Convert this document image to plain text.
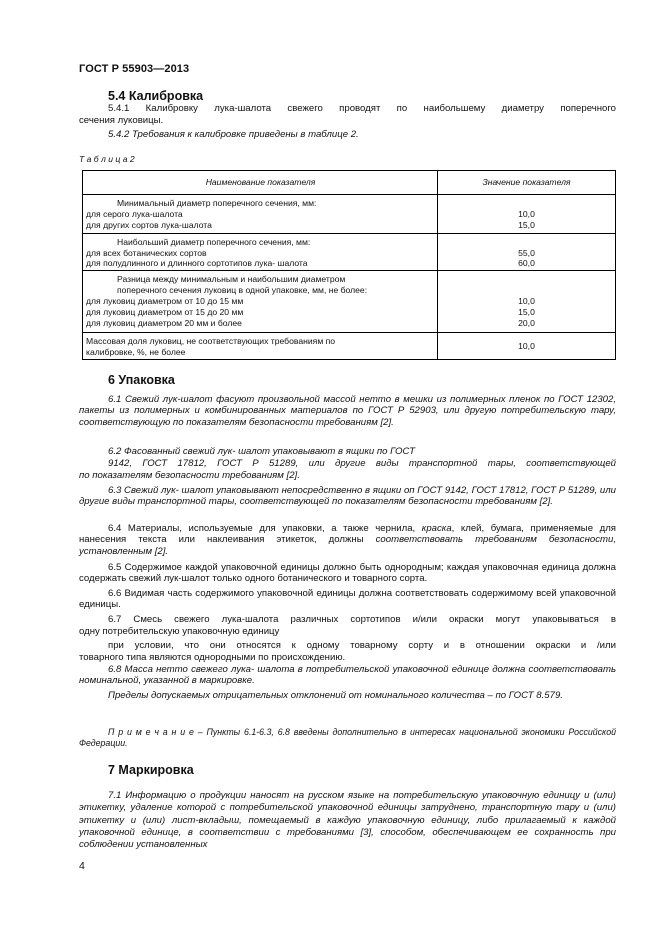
ГОСТ Р 55903—2013
5.4 Калибровка
5.4.1 Калибровку лука-шалота свежего проводят по наибольшему диаметру поперечного
сечения луковицы.
5.4.2 Требования к калибровке приведены в таблице 2.
Т а б л и ц а 2
Наименование показателя	Значение показателя
Минимальный диаметр поперечного сечения, мм:
для серого лука-шалота
для других сортов лука-шалота
10,0
15,0
Наибольший диаметр поперечного сечения, мм:
для всех ботанических сортов
для полудлинного и длинного сортотипов лука- шалота
55,0
60,0
Разница между минимальным и наибольшим диаметром
поперечного сечения луковиц в одной упаковке, мм, не более:
для луковиц диаметром от 10 до 15 мм
для луковиц диаметром от 15 до 20 мм
для луковиц диаметром 20 мм и более
10,0
15,0
20,0
Массовая доля луковиц, не соответствующих требованиям по
калибровке, %, не более
10,0
6 Упаковка
6.1 Свежий лук-шалот фасуют произвольной массой нетто в мешки из полимерных пленок по ГОСТ 12302, пакеты из полимерных и комбинированных материалов по ГОСТ Р 52903, или другую потребительскую тару, соответствующую по показателям безопасности требованиям [2].
6.2 Фасованный свежий лук- шалот упаковывают в ящики по ГОСТ
9142, ГОСТ 17812, ГОСТ Р 51289, или другие виды транспортной тары, соответствующей
по показателям безопасности требованиям [2].
6.3 Свежий лук- шалот упаковывают непосредственно в ящики оп ГОСТ 9142, ГОСТ 17812, ГОСТ Р 51289, или другие виды транспортной тары, соответствующей по показателям безопасности требованиям [2].
6.4 Материалы, используемые для упаковки, а также чернила, краска, клей, бумага, применяемые для нанесения текста или наклеивания этикеток, должны соответствовать требованиям безопасности, установленным [2].
6.5 Содержимое каждой упаковочной единицы должно быть однородным; каждая упаковочная единица должна содержать свежий лук-шалот только одного ботанического и товарного сорта.
6.6 Видимая часть содержимого упаковочной единицы должна соответствовать содержимому всей упаковочной единицы.
6.7 Смесь свежего лука-шалота различных сортотипов и/или окраски могут упаковываться в
одну потребительскую упаковочную единицу
при условии, что они относятся к одному товарному сорту и в отношении окраски и /или
товарного типа являются однородными по происхождению.
6.8 Масса нетто свежего лука- шалота в потребительской упаковочной единице должна соответствовать номинальной, указанной в маркировке.
Пределы допускаемых отрицательных отклонений от номинального количества – по ГОСТ 8.579.
П р и м е ч а н и е – Пункты 6.1-6.3, 6.8 введены дополнительно в интересах национальной экономики Российской Федерации.
7 Маркировка
7.1 Информацию о продукции наносят на русском языке на потребительскую упаковочную единицу и (или) этикетку, удаление которой с потребительской упаковочной единицы затруднено, транспортную тару и (или) этикетку и (или) лист-вкладыш, помещаемый в каждую упаковочную единицу, либо прилагаемый к каждой упаковочной единице, в соответствии с требованиями [3], способом, обеспечивающем ее сохранность при соблюдении установленных
4
